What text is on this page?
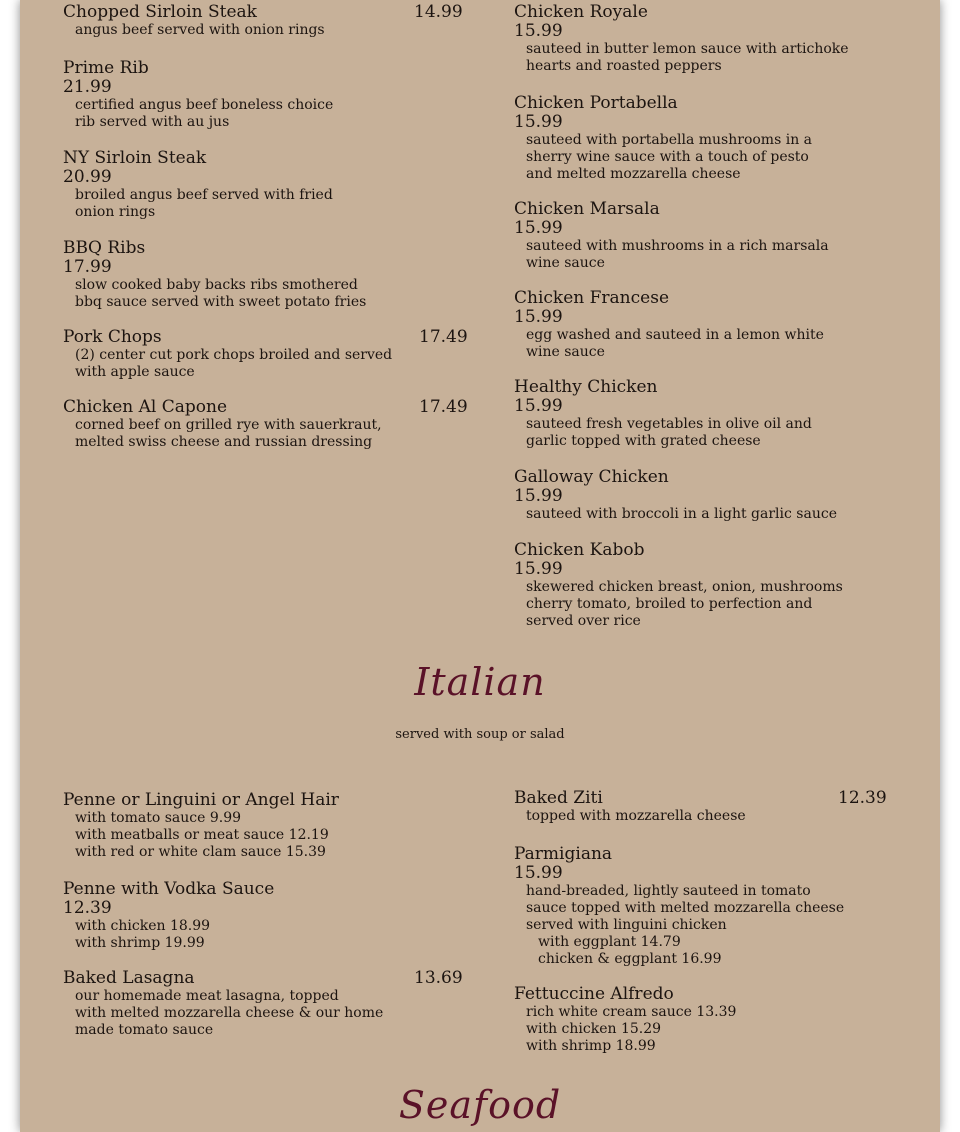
Chopped Sirloin Steak	14.99
angus beef served with onion rings
Prime Rib
21.99
certified angus beef boneless choice
rib served with au jus
NY Sirloin Steak
20.99
broiled angus beef served with fried
onion rings
BBQ Ribs
17.99
slow cooked baby backs ribs smothered
bbq sauce served with sweet potato fries
Pork Chops	17.49
(2) center cut pork chops broiled and served
with apple sauce
Chicken Al Capone	17.49
corned beef on grilled rye with sauerkraut,
melted swiss cheese and russian dressing
Chicken Royale
15.99
sauteed in butter lemon sauce with artichoke
hearts and roasted peppers
Chicken Portabella
15.99
sauteed with portabella mushrooms in a
sherry wine sauce with a touch of pesto
and melted mozzarella cheese
Chicken Marsala
15.99
sauteed with mushrooms in a rich marsala
wine sauce
Chicken Francese
15.99
egg washed and sauteed in a lemon white
wine sauce
Healthy Chicken
15.99
sauteed fresh vegetables in olive oil and
garlic topped with grated cheese
Galloway Chicken
15.99
sauteed with broccoli in a light garlic sauce
Chicken Kabob
15.99
skewered chicken breast, onion, mushrooms
cherry tomato, broiled to perfection and
served over rice
Italian
served with soup or salad
Penne or Linguini or Angel Hair
with tomato sauce 9.99
with meatballs or meat sauce 12.19
with red or white clam sauce 15.39
Penne with Vodka Sauce
12.39
with chicken 18.99
with shrimp 19.99
Baked Lasagna	13.69
our homemade meat lasagna, topped
with melted mozzarella cheese & our home
made tomato sauce
Baked Ziti	12.39
topped with mozzarella cheese
Parmigiana
15.99
hand-breaded, lightly sauteed in tomato
sauce topped with melted mozzarella cheese
served with linguini chicken
with eggplant 14.79
chicken & eggplant 16.99
Fettuccine Alfredo
rich white cream sauce 13.39
with chicken 15.29
with shrimp 18.99
Seafood
